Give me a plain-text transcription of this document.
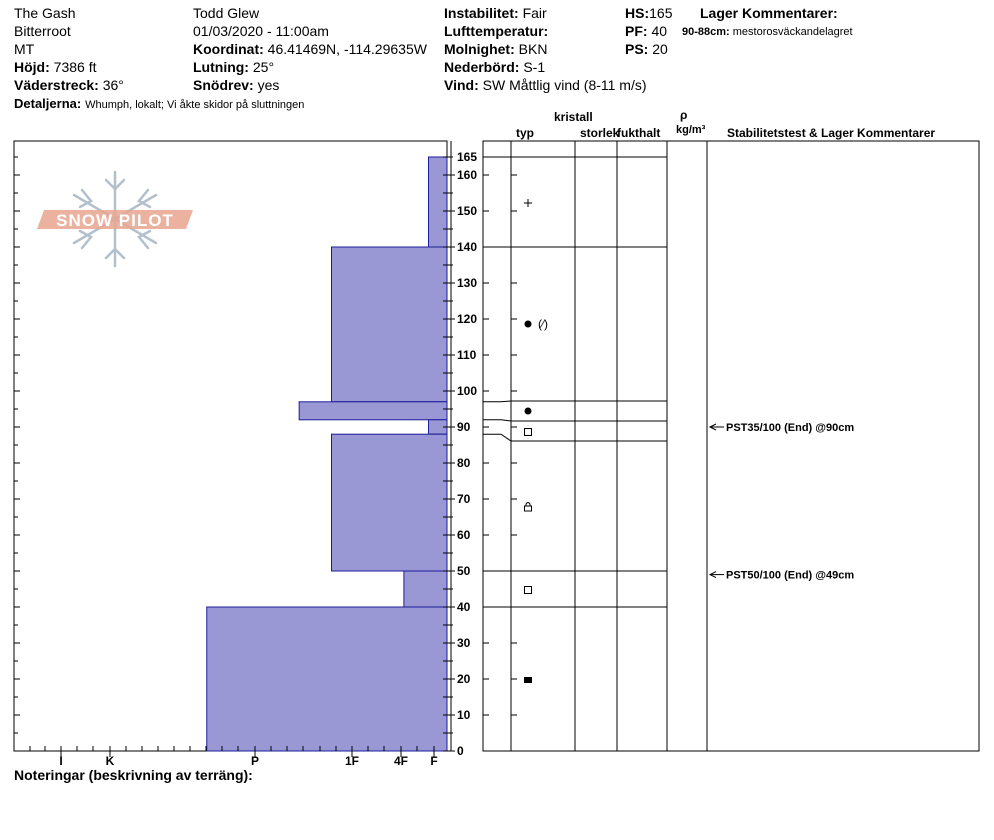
The Gash
Bitterroot
MT
Höjd: 7386 ft
Väderstreck: 36°
Detaljerna: Whumph, lokalt; Vi åkte skidor på sluttningen
Todd Glew
01/03/2020 - 11:00am
Koordinat: 46.41469N, -114.29635W
Lutning: 25°
Snödrev: yes
Instabilitet: Fair
Lufttemperatur:
Molnighet: BKN
Nederbörd: S-1
Vind: SW Måttlig vind (8-11 m/s)
HS:165
PF: 40
PS: 20
Lager Kommentarer:
90-88cm: mestorosväckandelagret
kristall
typ	storlek
fukthalt
ρ
kg/m³ Stabilitetstest & Lager Kommentarer
Noteringar (beskrivning av terräng):
SNOW PILOT
I	K	P	1F	4F F
0
10
20
30
40
50
60
70
80
90
100
110
120
130
140
150
160
165
(⁄)
PST35/100 (End) @90cm
PST50/100 (End) @49cm
